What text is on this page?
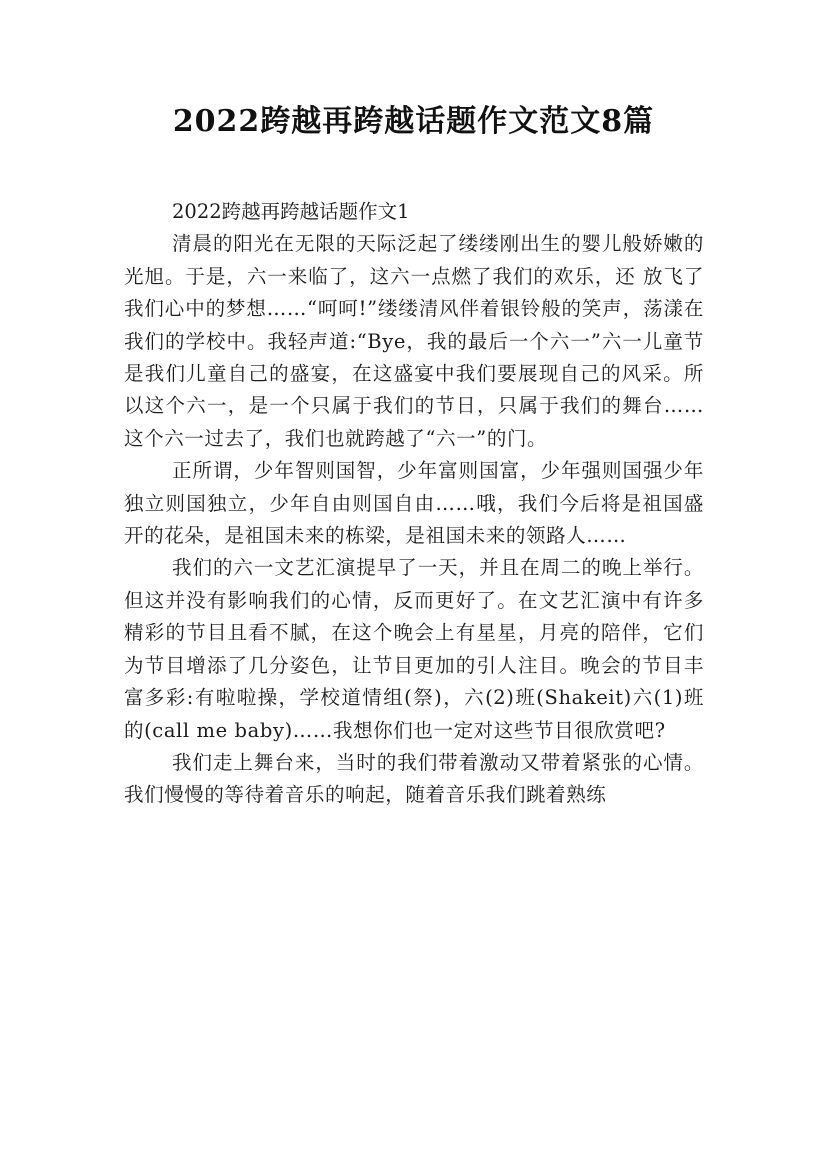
2022跨越再跨越话题作文范文8篇

2022跨越再跨越话题作文1

清晨的阳光在无限的天际泛起了缕缕刚出生的婴儿般娇嫩的光旭。于是，六一来临了，这六一点燃了我们的欢乐，还 放飞了我们心中的梦想……“呵呵!”缕缕清风伴着银铃般的笑声，荡漾在我们的学校中。我轻声道:“Bye，我的最后一个六一”六一儿童节是我们儿童自己的盛宴，在这盛宴中我们要展现自己的风采。所以这个六一，是一个只属于我们的节日，只属于我们的舞台……这个六一过去了，我们也就跨越了“六一”的门。

正所谓，少年智则国智，少年富则国富，少年强则国强少年独立则国独立，少年自由则国自由……哦，我们今后将是祖国盛开的花朵，是祖国未来的栋梁，是祖国未来的领路人……

我们的六一文艺汇演提早了一天，并且在周二的晚上举行。但这并没有影响我们的心情，反而更好了。在文艺汇演中有许多精彩的节目且看不腻，在这个晚会上有星星，月亮的陪伴，它们为节目增添了几分姿色，让节目更加的引人注目。晚会的节目丰富多彩:有啦啦操，学校道情组(祭)，六(2)班(Shakeit)六(1)班的(call me baby)……我想你们也一定对这些节目很欣赏吧?

我们走上舞台来，当时的我们带着激动又带着紧张的心情。我们慢慢的等待着音乐的响起，随着音乐我们跳着熟练
